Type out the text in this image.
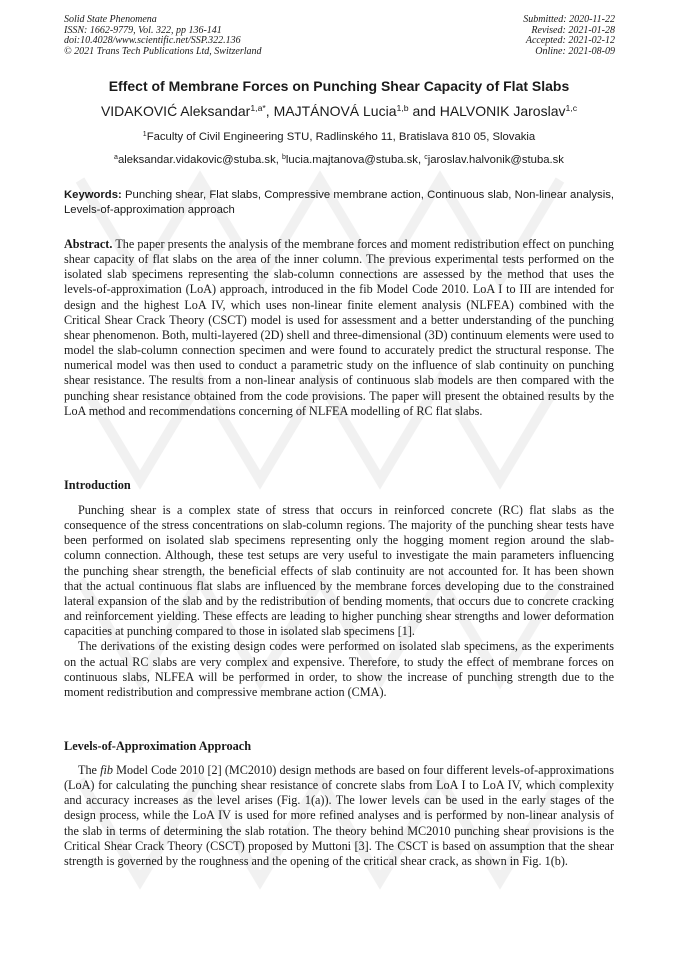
Solid State Phenomena
ISSN: 1662-9779, Vol. 322, pp 136-141
doi:10.4028/www.scientific.net/SSP.322.136
© 2021 Trans Tech Publications Ltd, Switzerland
Submitted: 2020-11-22
Revised: 2021-01-28
Accepted: 2021-02-12
Online: 2021-08-09
Effect of Membrane Forces on Punching Shear Capacity of Flat Slabs
VIDAKOVIĆ Aleksandar$^{1,a*}$, MAJTÁNOVÁ Lucia$^{1,b}$ and HALVONIK Jaroslav$^{1,c}$
$^1$Faculty of Civil Engineering STU, Radlinského 11, Bratislava 810 05, Slovakia
$^a$aleksandar.vidakovic@stuba.sk, $^b$lucia.majtanova@stuba.sk, $^c$jaroslav.halvonik@stuba.sk
Keywords: Punching shear, Flat slabs, Compressive membrane action, Continuous slab, Non-linear analysis, Levels-of-approximation approach
Abstract. The paper presents the analysis of the membrane forces and moment redistribution effect on punching shear capacity of flat slabs on the area of the inner column. The previous experimental tests performed on the isolated slab specimens representing the slab-column connections are assessed by the method that uses the levels-of-approximation (LoA) approach, introduced in the fib Model Code 2010. LoA I to III are intended for design and the highest LoA IV, which uses non-linear finite element analysis (NLFEA) combined with the Critical Shear Crack Theory (CSCT) model is used for assessment and a better understanding of the punching shear phenomenon. Both, multi-layered (2D) shell and three-dimensional (3D) continuum elements were used to model the slab-column connection specimen and were found to accurately predict the structural response. The numerical model was then used to conduct a parametric study on the influence of slab continuity on punching shear resistance. The results from a non-linear analysis of continuous slab models are then compared with the punching shear resistance obtained from the code provisions. The paper will present the obtained results by the LoA method and recommendations concerning of NLFEA modelling of RC flat slabs.
Introduction

Punching shear is a complex state of stress that occurs in reinforced concrete (RC) flat slabs as the consequence of the stress concentrations on slab-column regions. The majority of the punching shear tests have been performed on isolated slab specimens representing only the hogging moment region around the slab-column connection. Although, these test setups are very useful to investigate the main parameters influencing the punching shear strength, the beneficial effects of slab continuity are not accounted for. It has been shown that the actual continuous flat slabs are influenced by the membrane forces developing due to the constrained lateral expansion of the slab and by the redistribution of bending moments, that occurs due to concrete cracking and reinforcement yielding. These effects are leading to higher punching shear strengths and lower deformation capacities at punching compared to those in isolated slab specimens [1].

The derivations of the existing design codes were performed on isolated slab specimens, as the experiments on the actual RC slabs are very complex and expensive. Therefore, to study the effect of membrane forces on continuous slabs, NLFEA will be performed in order, to show the increase of punching strength due to the moment redistribution and compressive membrane action (CMA).

Levels-of-Approximation Approach

The fib Model Code 2010 [2] (MC2010) design methods are based on four different levels-of-approximations (LoA) for calculating the punching shear resistance of concrete slabs from LoA I to LoA IV, which complexity and accuracy increases as the level arises (Fig. 1(a)). The lower levels can be used in the early stages of the design process, while the LoA IV is used for more refined analyses and is performed by non-linear analysis of the slab in terms of determining the slab rotation. The theory behind MC2010 punching shear provisions is the Critical Shear Crack Theory (CSCT) proposed by Muttoni [3]. The CSCT is based on assumption that the shear strength is governed by the roughness and the opening of the critical shear crack, as shown in Fig. 1(b).
